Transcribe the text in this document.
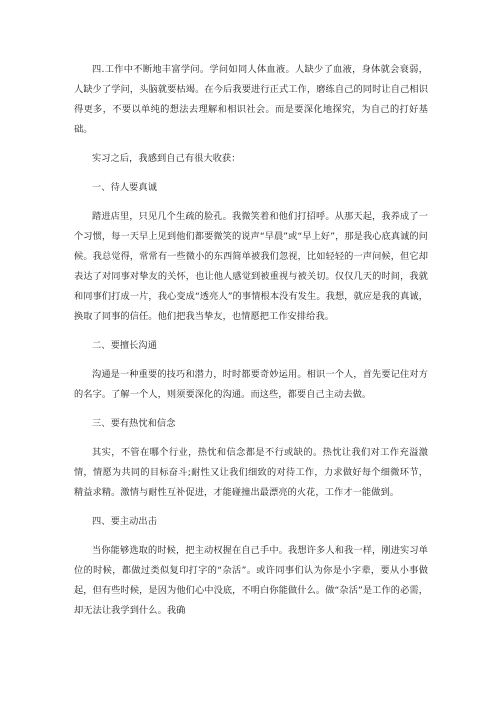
四.工作中不断地丰富学问。学问如同人体血液。人缺少了血液，身体就会衰弱，人缺少了学问，头脑就要枯竭。在今后我要进行正式工作，磨练自己的同时让自己相识得更多，不要以单纯的想法去理解和相识社会。而是要深化地探究，为自己的打好基础。

实习之后，我感到自己有很大收获：

一、待人要真诚

踏进店里，只见几个生疏的脸孔。我微笑着和他们打招呼。从那天起，我养成了一个习惯，每一天早上见到他们都要微笑的说声“早晨”或“早上好”，那是我心底真诚的问候。我总觉得，常常有一些微小的东西简单被我们忽视，比如轻轻的一声问候，但它却表达了对同事对挚友的关怀，也让他人感觉到被重视与被关切。仅仅几天的时间，我就和同事们打成一片，我心变成“透亮人”的事情根本没有发生。我想，就应是我的真诚，换取了同事的信任。他们把我当挚友，也情愿把工作安排给我。

二、要擅长沟通

沟通是一种重要的技巧和潜力，时时都要奇妙运用。相识一个人，首先要记住对方的名字。了解一个人，则须要深化的沟通。而这些，都要自己主动去做。

三、要有热忱和信念

其实，不管在哪个行业，热忱和信念都是不行或缺的。热忱让我们对工作充溢激情，情愿为共同的目标奋斗;耐性又让我们细致的对待工作，力求做好每个细微环节，精益求精。激情与耐性互补促进，才能碰撞出最漂亮的火花，工作才一能做到。

四、要主动出击

当你能够选取的时候，把主动权握在自己手中。我想许多人和我一样，刚进实习单位的时候，都做过类似复印打字的“杂活”。或许同事们认为你是小字辈，要从小事做起，但有些时候，是因为他们心中没底，不明白你能做什么。做“杂活”是工作的必需，却无法让我学到什么。我确
